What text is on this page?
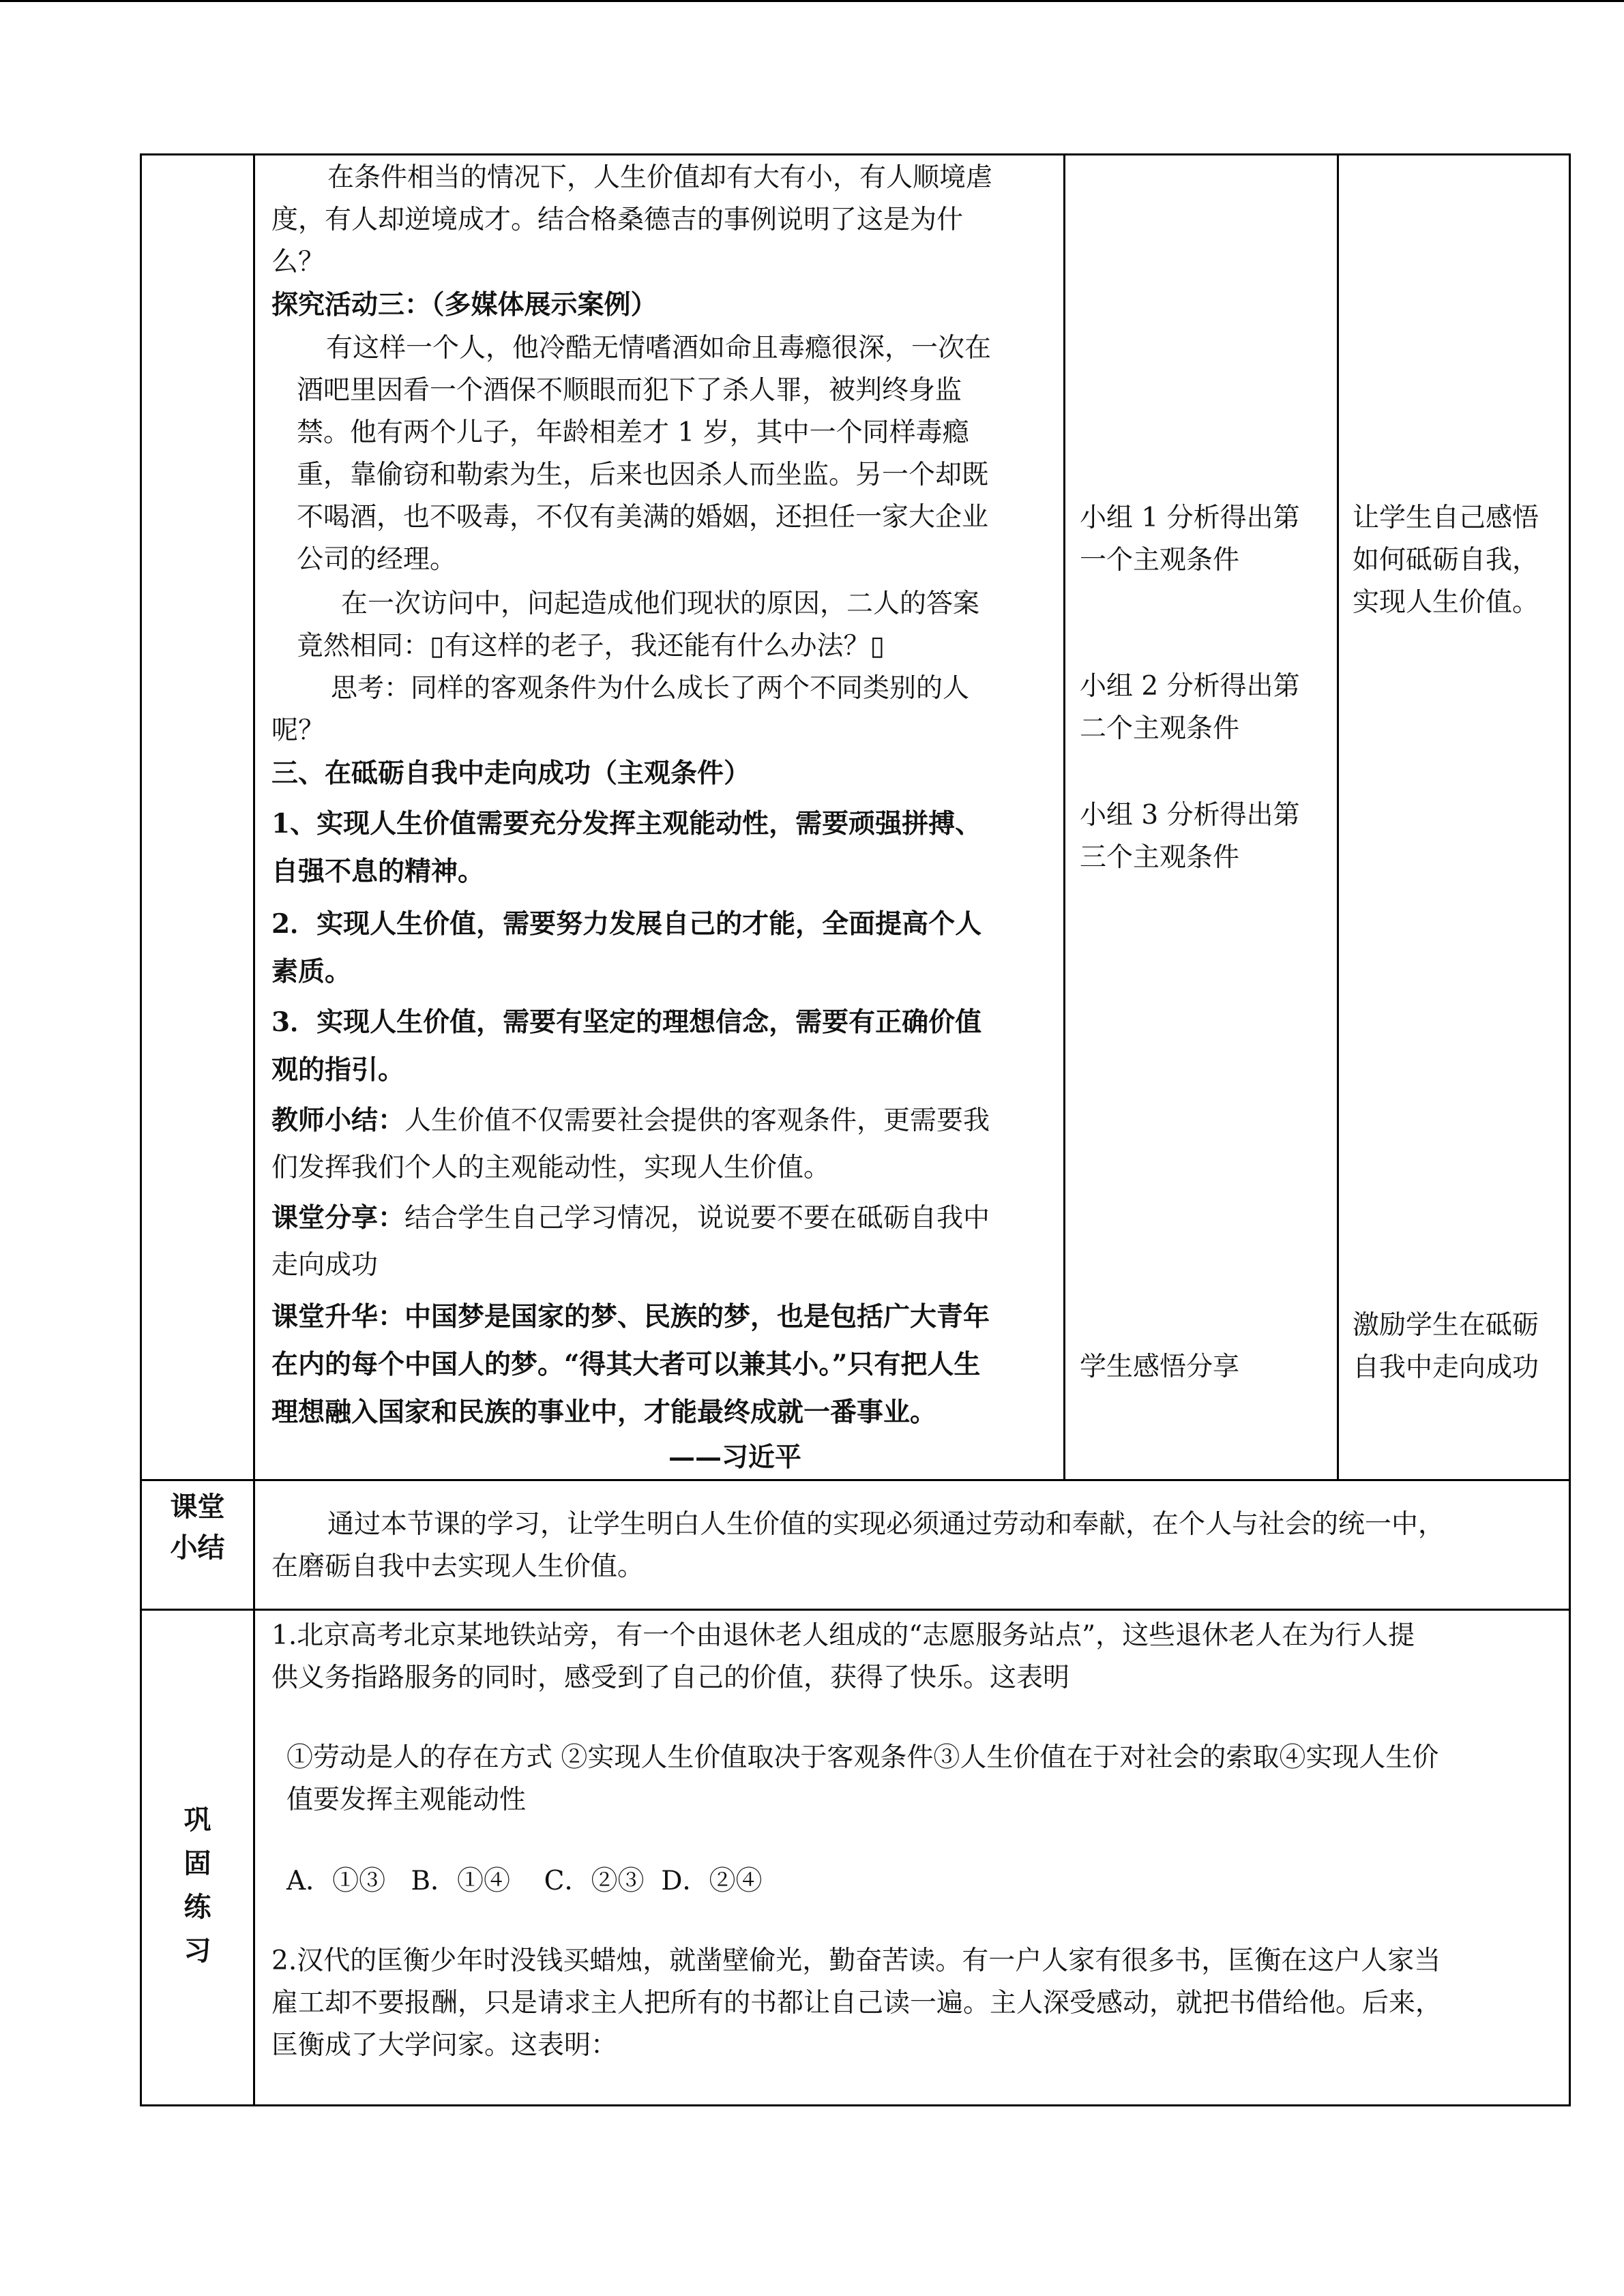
在条件相当的情况下，人生价值却有大有小，有人顺境虐
度，有人却逆境成才。结合格桑德吉的事例说明了这是为什
么？
探究活动三：（多媒体展示案例）
有这样一个人，他冷酷无情嗜酒如命且毒瘾很深，一次在
酒吧里因看一个酒保不顺眼而犯下了杀人罪，被判终身监
禁。他有两个儿子，年龄相差才 1 岁，其中一个同样毒瘾
重，靠偷窃和勒索为生，后来也因杀人而坐监。另一个却既
不喝酒，也不吸毒，不仅有美满的婚姻，还担任一家大企业
公司的经理。
在一次访问中，问起造成他们现状的原因，二人的答案
竟然相同：▯有这样的老子，我还能有什么办法？▯
思考：同样的客观条件为什么成长了两个不同类别的人
呢？
三、在砥砺自我中走向成功（主观条件）
1、实现人生价值需要充分发挥主观能动性，需要顽强拼搏、
自强不息的精神。
2．实现人生价值，需要努力发展自己的才能，全面提高个人
素质。
3．实现人生价值，需要有坚定的理想信念，需要有正确价值
观的指引。
教师小结：人生价值不仅需要社会提供的客观条件，更需要我
们发挥我们个人的主观能动性，实现人生价值。
课堂分享：结合学生自己学习情况，说说要不要在砥砺自我中
走向成功
课堂升华：中国梦是国家的梦、民族的梦，也是包括广大青年
在内的每个中国人的梦。“得其大者可以兼其小。”只有把人生
理想融入国家和民族的事业中，才能最终成就一番事业。
——习近平
小组 1 分析得出第
一个主观条件
小组 2 分析得出第
二个主观条件
小组 3 分析得出第
三个主观条件
学生感悟分享
让学生自己感悟
如何砥砺自我，
实现人生价值。
激励学生在砥砺
自我中走向成功
课堂
小结
通过本节课的学习，让学生明白人生价值的实现必须通过劳动和奉献，在个人与社会的统一中，
在磨砺自我中去实现人生价值。
巩
固
练
习
1.北京高考北京某地铁站旁，有一个由退休老人组成的“志愿服务站点”，这些退休老人在为行人提
供义务指路服务的同时，感受到了自己的价值，获得了快乐。这表明
①劳动是人的存在方式 ②实现人生价值取决于客观条件③人生价值在于对社会的索取④实现人生价
值要发挥主观能动性
A．①③   B．①④    C．②③  D．②④
2.汉代的匡衡少年时没钱买蜡烛，就凿壁偷光，勤奋苦读。有一户人家有很多书，匡衡在这户人家当
雇工却不要报酬，只是请求主人把所有的书都让自己读一遍。主人深受感动，就把书借给他。后来，
匡衡成了大学问家。这表明：
